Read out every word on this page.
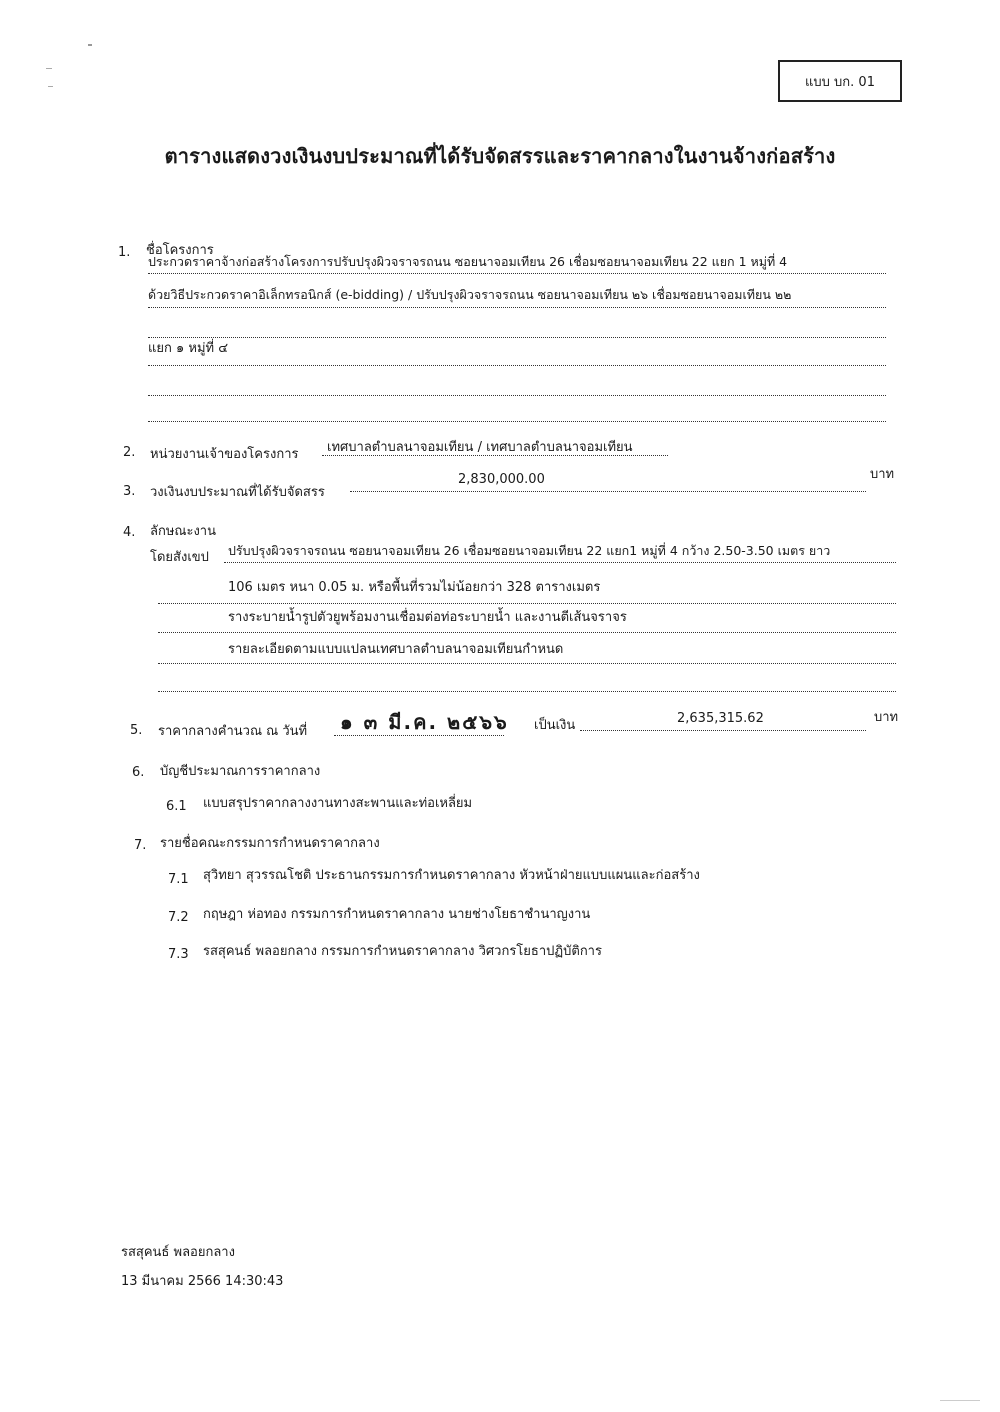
แบบ บก. 01
ตารางแสดงวงเงินงบประมาณที่ได้รับจัดสรรและราคากลางในงานจ้างก่อสร้าง
1. ชื่อโครงการ
ประกวดราคาจ้างก่อสร้างโครงการปรับปรุงผิวจราจรถนน ซอยนาจอมเทียน 26 เชื่อมซอยนาจอมเทียน 22 แยก 1 หมู่ที่ 4
ด้วยวิธีประกวดราคาอิเล็กทรอนิกส์ (e-bidding) / ปรับปรุงผิวจราจรถนน ซอยนาจอมเทียน ๒๖ เชื่อมซอยนาจอมเทียน ๒๒
แยก ๑ หมู่ที่ ๔
2. หน่วยงานเจ้าของโครงการ เทศบาลตำบลนาจอมเทียน / เทศบาลตำบลนาจอมเทียน
3. วงเงินงบประมาณที่ได้รับจัดสรร
2,830,000.00	บาท
4. ลักษณะงาน
โดยสังเขป ปรับปรุงผิวจราจรถนน ซอยนาจอมเทียน 26 เชื่อมซอยนาจอมเทียน 22 แยก1 หมู่ที่ 4 กว้าง 2.50-3.50 เมตร ยาว
106 เมตร หนา 0.05 ม. หรือพื้นที่รวมไม่น้อยกว่า 328 ตารางเมตร
รางระบายน้ำรูปตัวยูพร้อมงานเชื่อมต่อท่อระบายน้ำ และงานตีเส้นจราจร
รายละเอียดตามแบบแปลนเทศบาลตำบลนาจอมเทียนกำหนด
5. ราคากลางคำนวณ ณ วันที่ ๑ ๓ มี.ค. ๒๕๖๖ เป็นเงิน	2,635,315.62	บาท
6. บัญชีประมาณการราคากลาง
6.1 แบบสรุปราคากลางงานทางสะพานและท่อเหลี่ยม
7. รายชื่อคณะกรรมการกำหนดราคากลาง
7.1 สุวิทยา สุวรรณโชติ ประธานกรรมการกำหนดราคากลาง หัวหน้าฝ่ายแบบแผนและก่อสร้าง
7.2 กฤษฎา ห่อทอง กรรมการกำหนดราคากลาง นายช่างโยธาชำนาญงาน
7.3 รสสุคนธ์ พลอยกลาง กรรมการกำหนดราคากลาง วิศวกรโยธาปฏิบัติการ
รสสุคนธ์ พลอยกลาง
13 มีนาคม 2566 14:30:43
